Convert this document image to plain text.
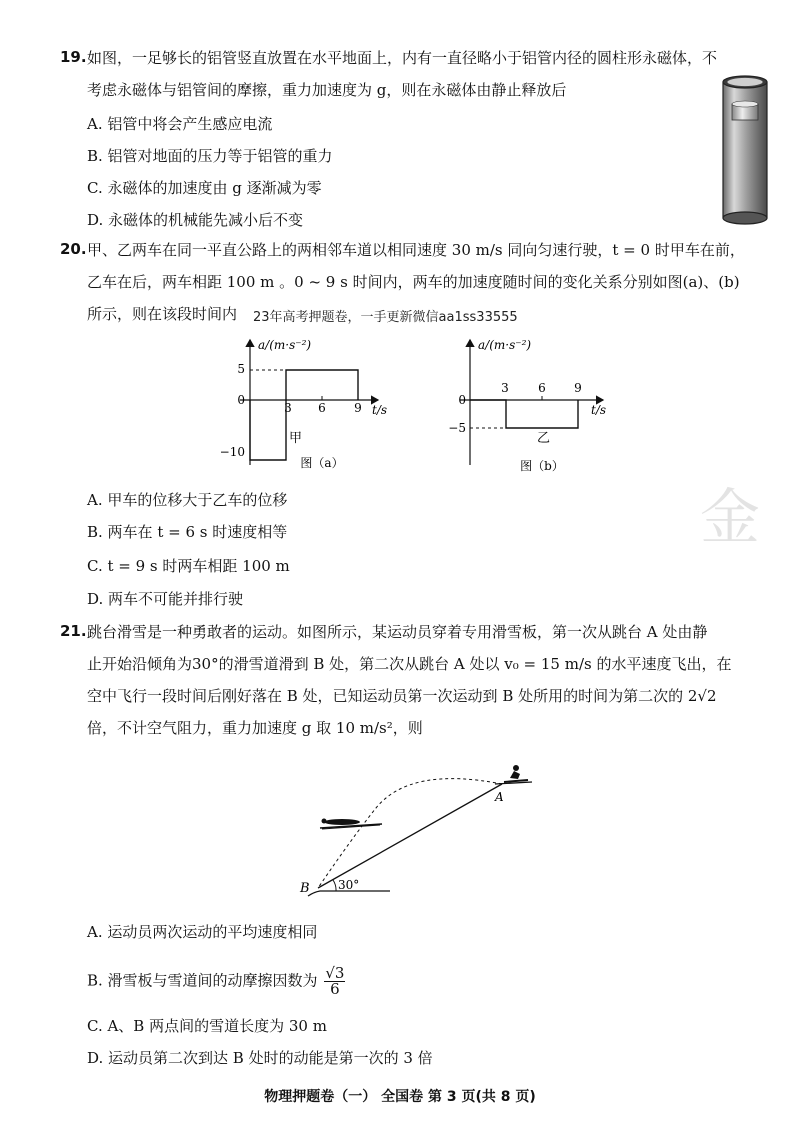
19. 如图，一足够长的铝管竖直放置在水平地面上，内有一直径略小于铝管内径的圆柱形永磁体，不
考虑永磁体与铝管间的摩擦，重力加速度为 g，则在永磁体由静止释放后
A. 铝管中将会产生感应电流
B. 铝管对地面的压力等于铝管的重力
C. 永磁体的加速度由 g 逐渐减为零
D. 永磁体的机械能先减小后不变
20. 甲、乙两车在同一平直公路上的两相邻车道以相同速度 30 m/s 同向匀速行驶，t = 0 时甲车在前，
乙车在后，两车相距 100 m 。0 ~ 9 s 时间内，两车的加速度随时间的变化关系分别如图(a)、(b)
所示，则在该段时间内 23年高考押题卷，一手更新微信aa1ss33555
a/(m·s⁻²)
t/s
5
0
−10
3 6 9
甲
图（a）
a/(m·s⁻²)
t/s
0
−5
3 6 9
乙
图（b）
A. 甲车的位移大于乙车的位移
B. 两车在 t = 6 s 时速度相等
C. t = 9 s 时两车相距 100 m
D. 两车不可能并排行驶
金
21. 跳台滑雪是一种勇敢者的运动。如图所示，某运动员穿着专用滑雪板，第一次从跳台 A 处由静
止开始沿倾角为30°的滑雪道滑到 B 处，第二次从跳台 A 处以 v₀ = 15 m/s 的水平速度飞出，在
空中飞行一段时间后刚好落在 B 处，已知运动员第一次运动到 B 处所用的时间为第二次的 2√2
倍，不计空气阻力，重力加速度 g 取 10 m/s²，则
30°
A
B
A. 运动员两次运动的平均速度相同
B. 滑雪板与雪道间的动摩擦因数为 $\frac{√3}{6}$
C. A、B 两点间的雪道长度为 30 m
D. 运动员第二次到达 B 处时的动能是第一次的 3 倍
物理押题卷（一） 全国卷 第 3 页(共 8 页)
